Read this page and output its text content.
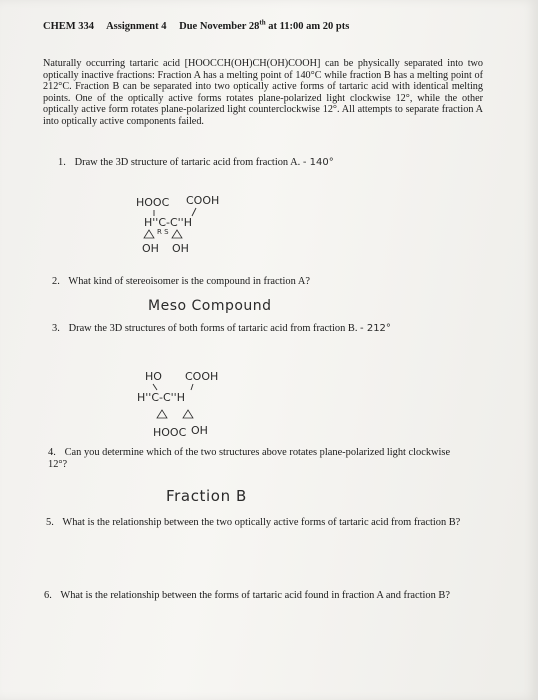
CHEM 334 Assignment 4 Due November 28th at 11:00 am 20 pts
Naturally occurring tartaric acid [HOOCCH(OH)CH(OH)COOH] can be physically separated into two optically inactive fractions: Fraction A has a melting point of 140°C while fraction B has a melting point of 212°C. Fraction B can be separated into two optically active forms of tartaric acid with identical melting points. One of the optically active forms rotates plane-polarized light clockwise 12°, while the other optically active form rotates plane-polarized light counterclockwise 12°. All attempts to separate fraction A into optically active components failed.
1. Draw the 3D structure of tartaric acid from fraction A. - 140°
HOOC COOH
H''C-C''H
R S
OH OH
2. What kind of stereoisomer is the compound in fraction A?
Meso Compound
3. Draw the 3D structures of both forms of tartaric acid from fraction B. - 212°
HO COOH
H''C-C''H
HOOC OH
4. Can you determine which of the two structures above rotates plane-polarized light clockwise 12°?
Fraction B
5. What is the relationship between the two optically active forms of tartaric acid from fraction B?
6. What is the relationship between the forms of tartaric acid found in fraction A and fraction B?
